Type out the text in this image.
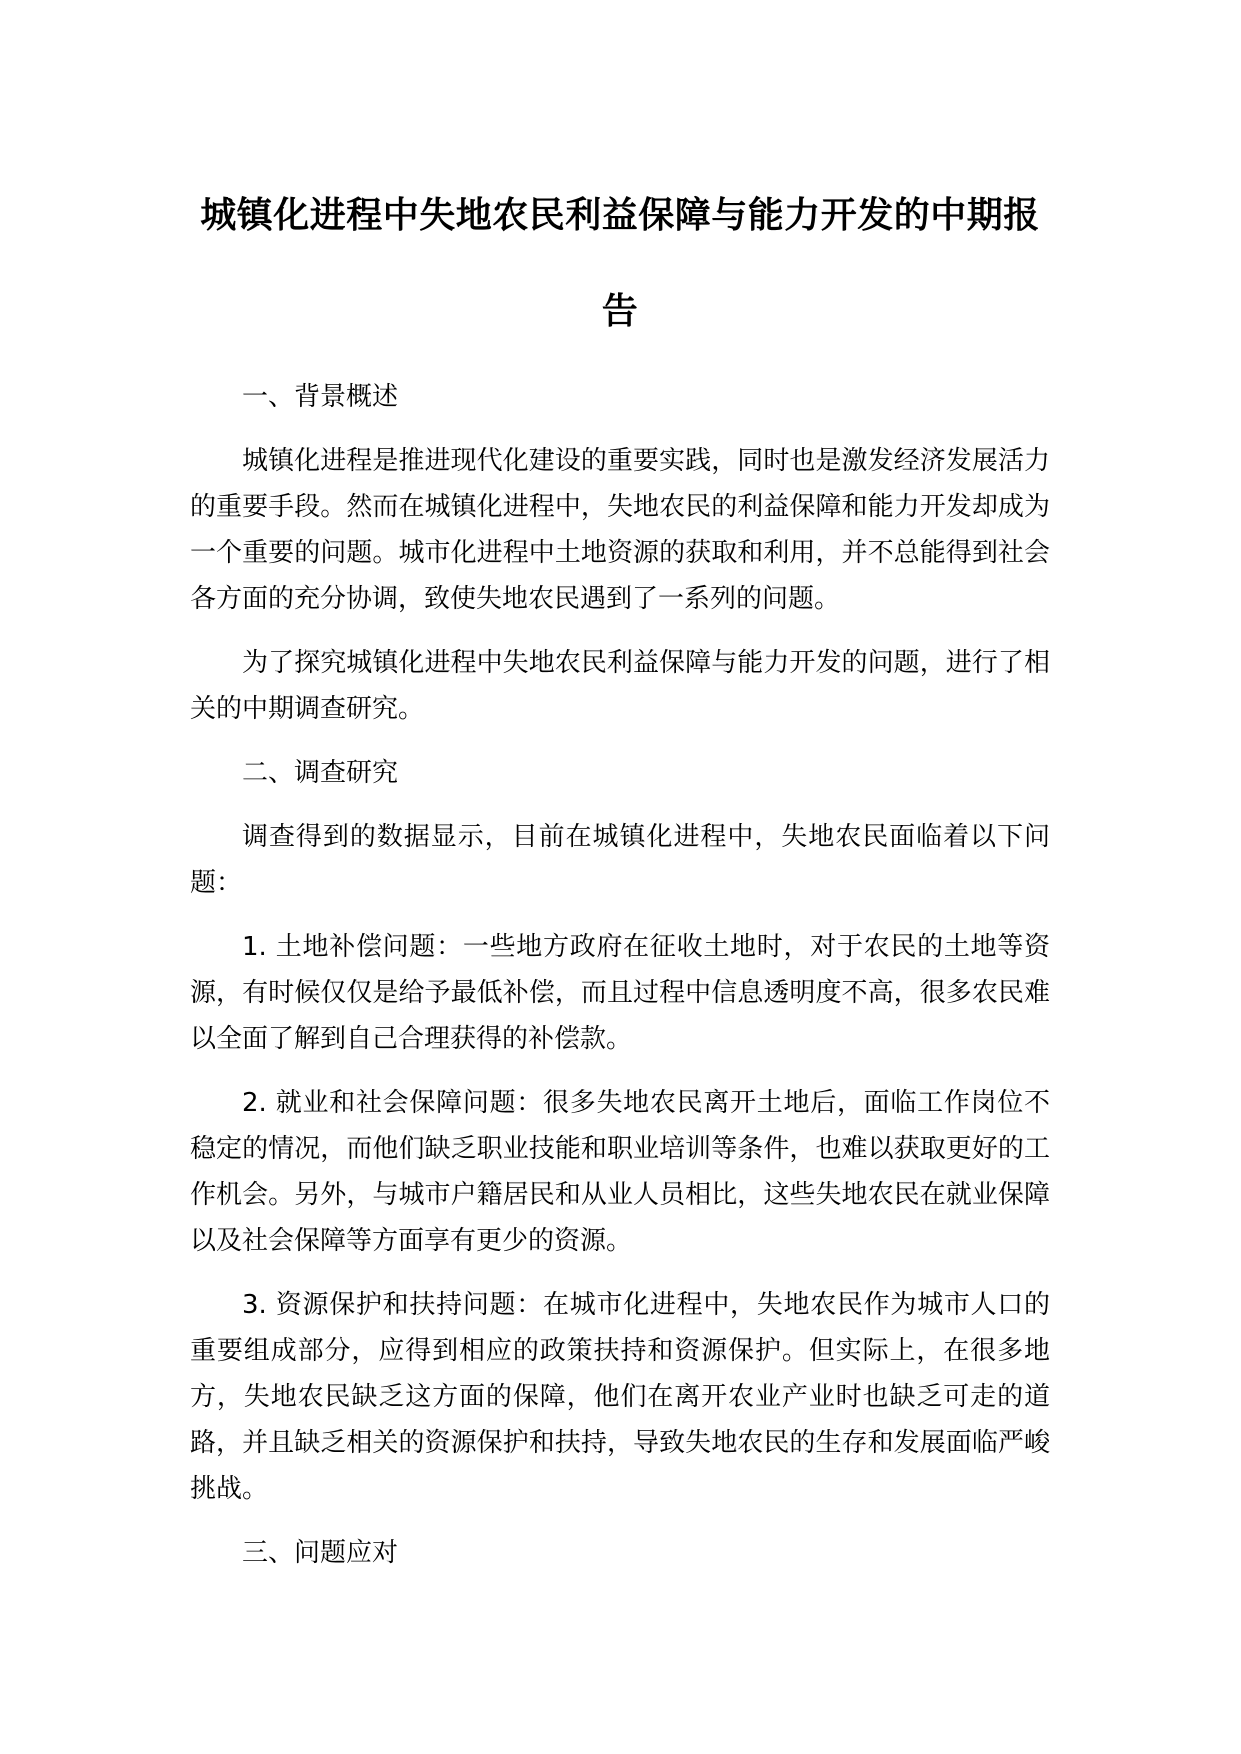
城镇化进程中失地农民利益保障与能力开发的中期报告

一、背景概述

城镇化进程是推进现代化建设的重要实践，同时也是激发经济发展活力的重要手段。然而在城镇化进程中，失地农民的利益保障和能力开发却成为一个重要的问题。城市化进程中土地资源的获取和利用，并不总能得到社会各方面的充分协调，致使失地农民遇到了一系列的问题。

为了探究城镇化进程中失地农民利益保障与能力开发的问题，进行了相关的中期调查研究。

二、调查研究

调查得到的数据显示，目前在城镇化进程中，失地农民面临着以下问题：

1. 土地补偿问题：一些地方政府在征收土地时，对于农民的土地等资源，有时候仅仅是给予最低补偿，而且过程中信息透明度不高，很多农民难以全面了解到自己合理获得的补偿款。

2. 就业和社会保障问题：很多失地农民离开土地后，面临工作岗位不稳定的情况，而他们缺乏职业技能和职业培训等条件，也难以获取更好的工作机会。另外，与城市户籍居民和从业人员相比，这些失地农民在就业保障以及社会保障等方面享有更少的资源。

3. 资源保护和扶持问题：在城市化进程中，失地农民作为城市人口的重要组成部分，应得到相应的政策扶持和资源保护。但实际上，在很多地方，失地农民缺乏这方面的保障，他们在离开农业产业时也缺乏可走的道路，并且缺乏相关的资源保护和扶持，导致失地农民的生存和发展面临严峻挑战。

三、问题应对
